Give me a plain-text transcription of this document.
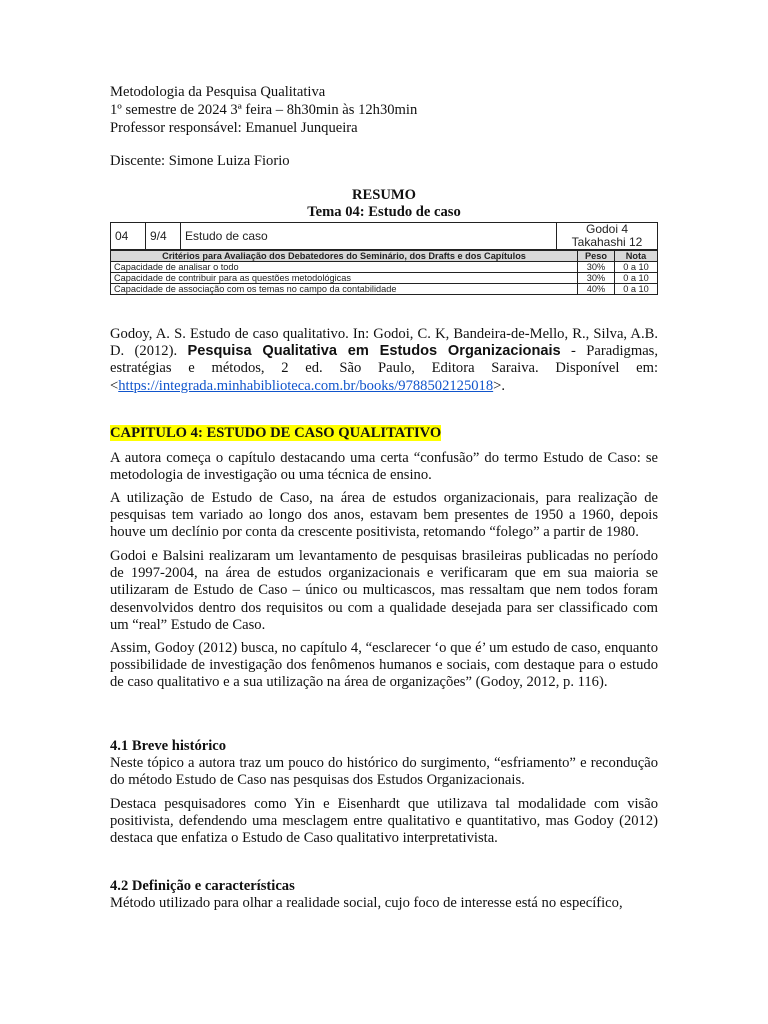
Metodologia da Pesquisa Qualitativa
1º semestre de 2024 3ª feira – 8h30min às 12h30min
Professor responsável: Emanuel Junqueira
Discente: Simone Luiza Fiorio
RESUMO
Tema 04: Estudo de caso
04	9/4	Estudo de caso	Godoi 4
Takahashi 12
Critérios para Avaliação dos Debatedores do Seminário, dos Drafts e dos Capítulos	Peso	Nota
Capacidade de analisar o todo	30%	0 a 10
Capacidade de contribuir para as questões metodológicas	30%	0 a 10
Capacidade de associação com os temas no campo da contabilidade	40%	0 a 10
Godoy, A. S. Estudo de caso qualitativo. In: Godoi, C. K, Bandeira-de-Mello, R., Silva, A.B. D. (2012). Pesquisa Qualitativa em Estudos Organizacionais - Paradigmas, estratégias e métodos, 2 ed. São Paulo, Editora Saraiva. Disponível em: <https://integrada.minhabiblioteca.com.br/books/9788502125018>.
CAPITULO 4: ESTUDO DE CASO QUALITATIVO
A autora começa o capítulo destacando uma certa “confusão” do termo Estudo de Caso: se metodologia de investigação ou uma técnica de ensino.
A utilização de Estudo de Caso, na área de estudos organizacionais, para realização de pesquisas tem variado ao longo dos anos, estavam bem presentes de 1950 a 1960, depois houve um declínio por conta da crescente positivista, retomando “folego” a partir de 1980.
Godoi e Balsini realizaram um levantamento de pesquisas brasileiras publicadas no período de 1997-2004, na área de estudos organizacionais e verificaram que em sua maioria se utilizaram de Estudo de Caso – único ou multicascos, mas ressaltam que nem todos foram desenvolvidos dentro dos requisitos ou com a qualidade desejada para ser classificado com um “real” Estudo de Caso.
Assim, Godoy (2012) busca, no capítulo 4, “esclarecer ‘o que é’ um estudo de caso, enquanto possibilidade de investigação dos fenômenos humanos e sociais, com destaque para o estudo de caso qualitativo e a sua utilização na área de organizações” (Godoy, 2012, p. 116).
4.1 Breve histórico
Neste tópico a autora traz um pouco do histórico do surgimento, “esfriamento” e recondução do método Estudo de Caso nas pesquisas dos Estudos Organizacionais.
Destaca pesquisadores como Yin e Eisenhardt que utilizava tal modalidade com visão positivista, defendendo uma mesclagem entre qualitativo e quantitativo, mas Godoy (2012) destaca que enfatiza o Estudo de Caso qualitativo interpretativista.
4.2 Definição e características
Método utilizado para olhar a realidade social, cujo foco de interesse está no específico,
